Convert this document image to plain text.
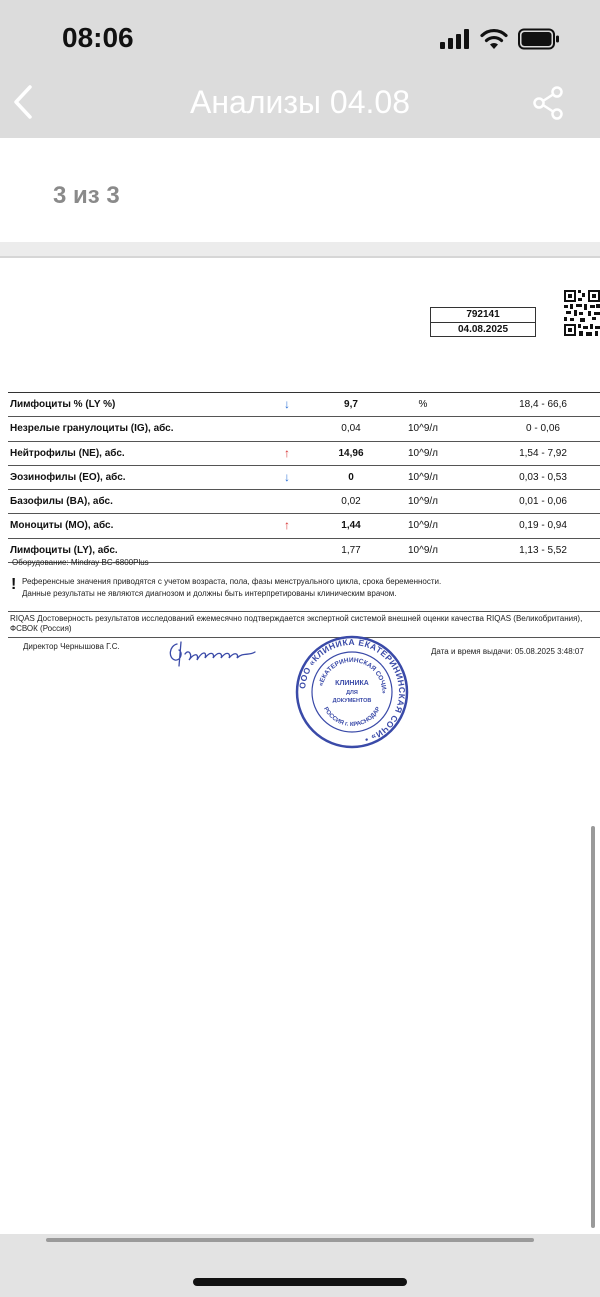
08:06
Анализы 04.08
3 из 3
792141
04.08.2025
Лимфоциты % (LY %)	↓	9,7	%	18,4 - 66,6
Незрелые гранулоциты (IG), абс.	0,04	10^9/л	0 - 0,06
Нейтрофилы (NE), абс.	↑	14,96	10^9/л	1,54 - 7,92
Эозинофилы (EO), абс.	↓	0	10^9/л	0,03 - 0,53
Базофилы (BA), абс.	0,02	10^9/л	0,01 - 0,06
Моноциты (MO), абс.	↑	1,44	10^9/л	0,19 - 0,94
Лимфоциты (LY), абс.	1,77	10^9/л	1,13 - 5,52
Оборудование: Mindray BC-6800Plus
! Референсные значения приводятся с учетом возраста, пола, фазы менструального цикла, срока беременности.
Данные результаты не являются диагнозом и должны быть интерпретированы клиническим врачом.
RIQAS Достоверность результатов исследований ежемесячно подтверждается экспертной системой внешней оценки качества RIQAS (Великобритания), ФСВОК (Россия)
Директор Чернышова Г.С.
Дата и время выдачи: 05.08.2025 3:48:07
ООО «КЛИНИКА ЕКАТЕРИНИНСКАЯ СОЧИ» •
«ЕКАТЕРИНИНСКАЯ СОЧИ»
КЛИНИКА
ДЛЯ
ДОКУМЕНТОВ
РОССИЯ г. КРАСНОДАР
